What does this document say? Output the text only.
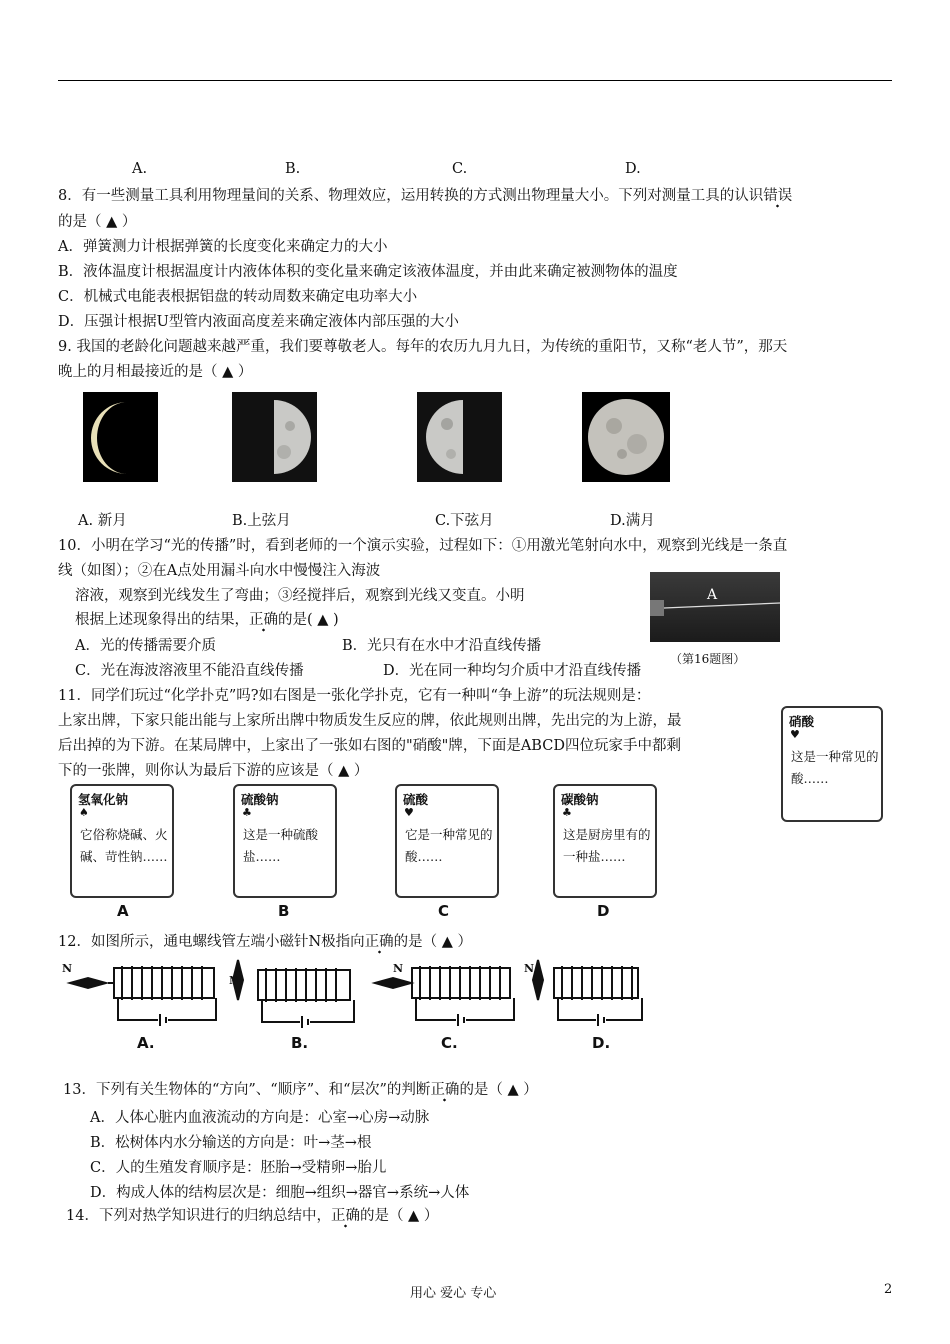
A.	B.	C.	D.
8．有一些测量工具利用物理量间的关系、物理效应，运用转换的方式测出物理量大小。下列对测量工具的认识错误
的是（ ▲ ）
A．弹簧测力计根据弹簧的长度变化来确定力的大小
B．液体温度计根据温度计内液体体积的变化量来确定该液体温度，并由此来确定被测物体的温度
C．机械式电能表根据铝盘的转动周数来确定电功率大小
D．压强计根据U型管内液面高度差来确定液体内部压强的大小
9. 我国的老龄化问题越来越严重，我们要尊敬老人。每年的农历九月九日，为传统的重阳节，又称“老人节”，那天
晚上的月相最接近的是（ ▲ ）
A. 新月	B.上弦月	C.下弦月	D.满月
10．小明在学习“光的传播”时，看到老师的一个演示实验，过程如下：①用激光笔射向水中，观察到光线是一条直
线（如图）；②在A点处用漏斗向水中慢慢注入海波
溶液，观察到光线发生了弯曲；③经搅拌后，观察到光线又变直。小明
根据上述现象得出的结果，正确的是( ▲ )
A．光的传播需要介质	B．光只有在水中才沿直线传播
C．光在海波溶液里不能沿直线传播	D．光在同一种均匀介质中才沿直线传播
A
（第16题图）
11．同学们玩过“化学扑克”吗?如右图是一张化学扑克，它有一种叫“争上游”的玩法规则是：
上家出牌，下家只能出能与上家所出牌中物质发生反应的牌，依此规则出牌，先出完的为上游，最
后出掉的为下游。在某局牌中，上家出了一张如右图的"硝酸"牌，下面是ABCD四位玩家手中都剩
下的一张牌，则你认为最后下游的应该是（ ▲ ）
硝酸
♥
这是一种常见的酸……
氢氧化钠
♠
它俗称烧碱、火碱、苛性钠……
硫酸钠
♣
这是一种硫酸盐……
硫酸
♥
它是一种常见的酸……
碳酸钠
♣
这是厨房里有的一种盐……
A	B	C	D
12．如图所示，通电螺线管左端小磁针N极指向正确的是（ ▲ ）
N
N
N	N
A.	B.	C.	D.
13．下列有关生物体的“方向”、“顺序”、和“层次”的判断正确的是（ ▲ ）
A．人体心脏内血液流动的方向是：心室→心房→动脉
B．松树体内水分输送的方向是：叶→茎→根
C．人的生殖发育顺序是：胚胎→受精卵→胎儿
D．构成人体的结构层次是：细胞→组织→器官→系统→人体
14．下列对热学知识进行的归纳总结中，正确的是（ ▲ ）
用心 爱心 专心	2
